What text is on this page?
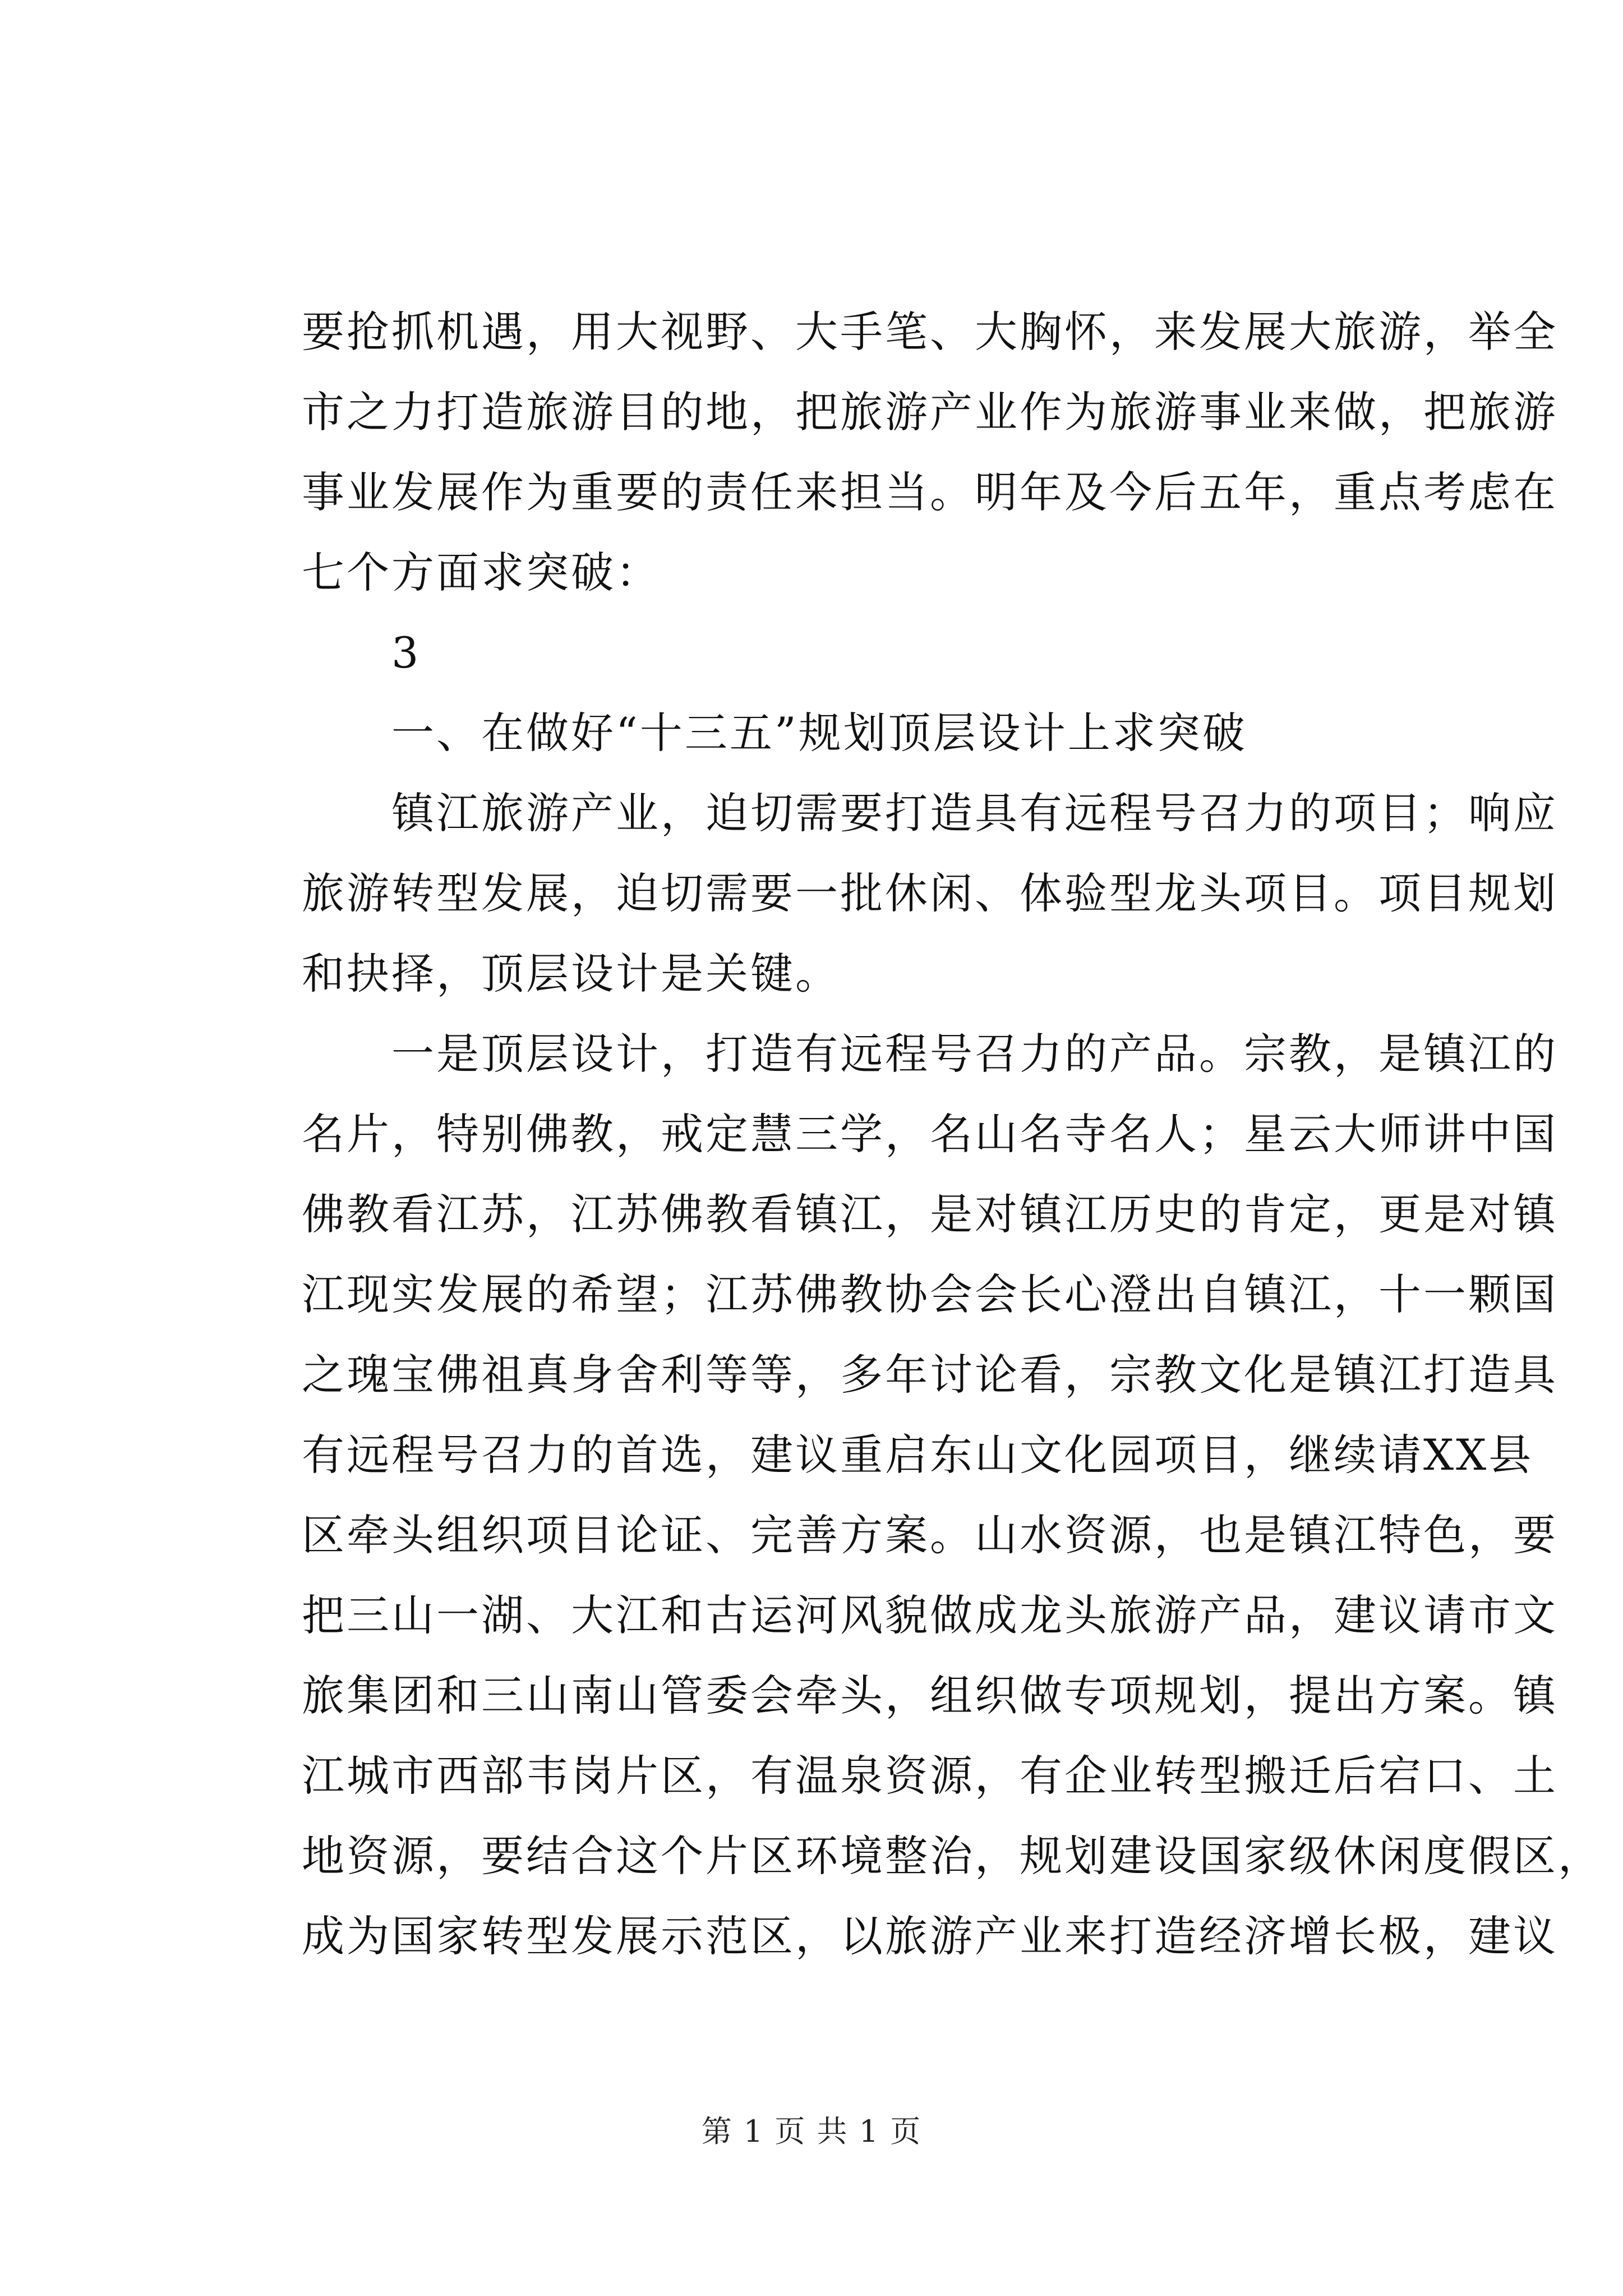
要抢抓机遇，用大视野、大手笔、大胸怀，来发展大旅游，举全
市之力打造旅游目的地，把旅游产业作为旅游事业来做，把旅游
事业发展作为重要的责任来担当。明年及今后五年，重点考虑在
七个方面求突破：
　　3
　　一、在做好“十三五”规划顶层设计上求突破
　　镇江旅游产业，迫切需要打造具有远程号召力的项目；响应
旅游转型发展，迫切需要一批休闲、体验型龙头项目。项目规划
和抉择，顶层设计是关键。
　　一是顶层设计，打造有远程号召力的产品。宗教，是镇江的
名片，特别佛教，戒定慧三学，名山名寺名人；星云大师讲中国
佛教看江苏，江苏佛教看镇江，是对镇江历史的肯定，更是对镇
江现实发展的希望；江苏佛教协会会长心澄出自镇江，十一颗国
之瑰宝佛祖真身舍利等等，多年讨论看，宗教文化是镇江打造具
有远程号召力的首选，建议重启东山文化园项目，继续请XX县
区牵头组织项目论证、完善方案。山水资源，也是镇江特色，要
把三山一湖、大江和古运河风貌做成龙头旅游产品，建议请市文
旅集团和三山南山管委会牵头，组织做专项规划，提出方案。镇
江城市西部韦岗片区，有温泉资源，有企业转型搬迁后宕口、土
地资源，要结合这个片区环境整治，规划建设国家级休闲度假区，
成为国家转型发展示范区，以旅游产业来打造经济增长极，建议
第 1 页 共 1 页
